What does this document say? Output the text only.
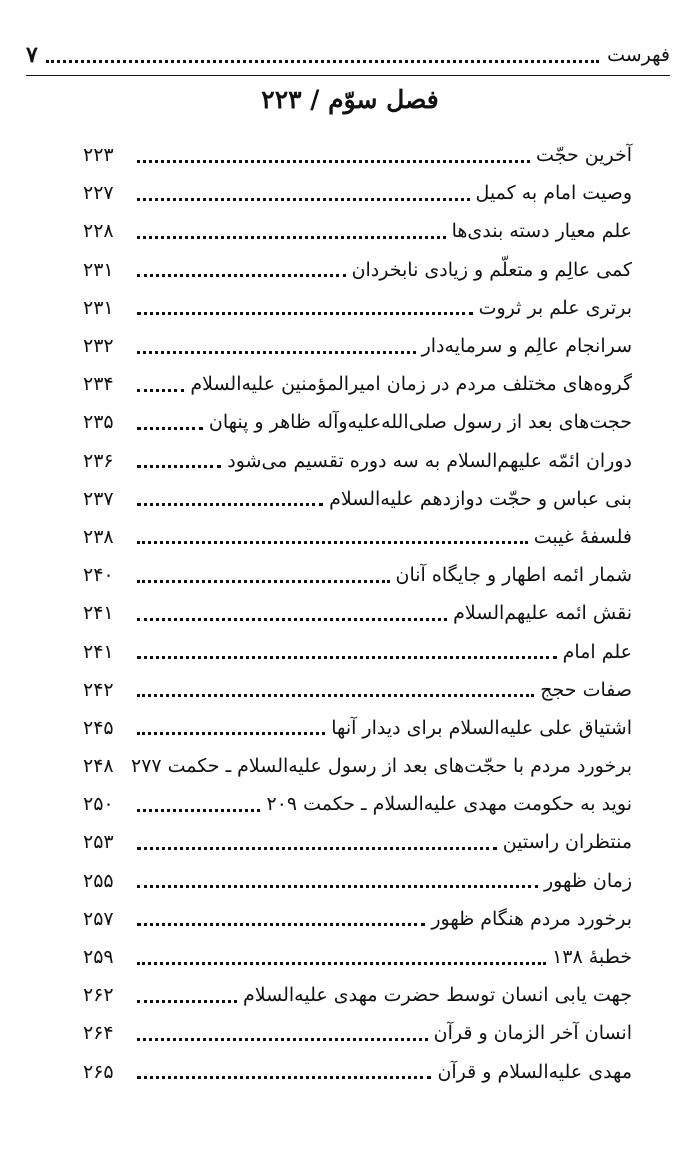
فهرست
۷
فصل سوّم / ۲۲۳
آخرین حجّت
۲۲۳
وصیت امام به کمیل
۲۲۷
علم معیار دسته بندی‌ها
۲۲۸
کمی عالِم و متعلّم و زیادی نابخردان
۲۳۱
برتری علم بر ثروت
۲۳۱
سرانجام عالِم و سرمایه‌دار
۲۳۲
گروه‌های مختلف مردم در زمان امیرالمؤمنین علیه‌السلام
۲۳۴
حجت‌های بعد از رسول صلی‌الله‌علیه‌وآله ظاهر و پنهان
۲۳۵
دوران ائمّه علیهم‌السلام به سه دوره تقسیم می‌شود
۲۳۶
بنی عباس و حجّت دوازدهم علیه‌السلام
۲۳۷
فلسفهٔ غیبت
۲۳۸
شمار ائمه اطهار و جایگاه آنان
۲۴۰
نقش ائمه علیهم‌السلام
۲۴۱
علم امام
۲۴۱
صفات حجج
۲۴۲
اشتیاق علی علیه‌السلام برای دیدار آنها
۲۴۵
برخورد مردم با حجّت‌های بعد از رسول علیه‌السلام ـ حکمت ۲۷۷
۲۴۸
نوید به حکومت مهدی علیه‌السلام ـ حکمت ۲۰۹
۲۵۰
منتظران راستین
۲۵۳
زمان ظهور
۲۵۵
برخورد مردم هنگام ظهور
۲۵۷
خطبهٔ ۱۳۸
۲۵۹
جهت یابی انسان توسط حضرت مهدی علیه‌السلام
۲۶۲
انسان آخر الزمان و قرآن
۲۶۴
مهدی علیه‌السلام و قرآن
۲۶۵
